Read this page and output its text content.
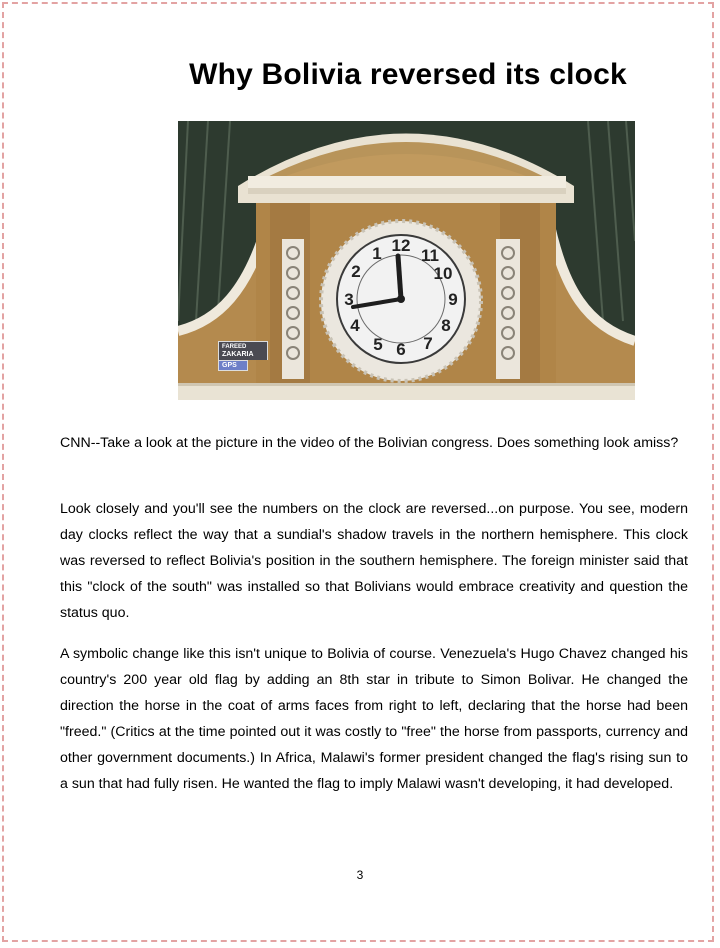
Why Bolivia reversed its clock
12
11
10
9
8
7
6
5
4
3
2
1
FAREED
ZAKARIA
GPS

CNN--Take a look at the picture in the video of the Bolivian congress. Does something look amiss?

Look closely and you'll see the numbers on the clock are reversed...on purpose. You see, modern day clocks reflect the way that a sundial's shadow travels in the northern hemisphere. This clock was reversed to reflect Bolivia's position in the southern hemisphere. The foreign minister said that this "clock of the south" was installed so that Bolivians would embrace creativity and question the status quo.

A symbolic change like this isn't unique to Bolivia of course. Venezuela's Hugo Chavez changed his country's 200 year old flag by adding an 8th star in tribute to Simon Bolivar. He changed the direction the horse in the coat of arms faces from right to left, declaring that the horse had been "freed." (Critics at the time pointed out it was costly to "free" the horse from passports, currency and other government documents.) In Africa, Malawi's former president changed the flag's rising sun to a sun that had fully risen. He wanted the flag to imply Malawi wasn't developing, it had developed.

3
